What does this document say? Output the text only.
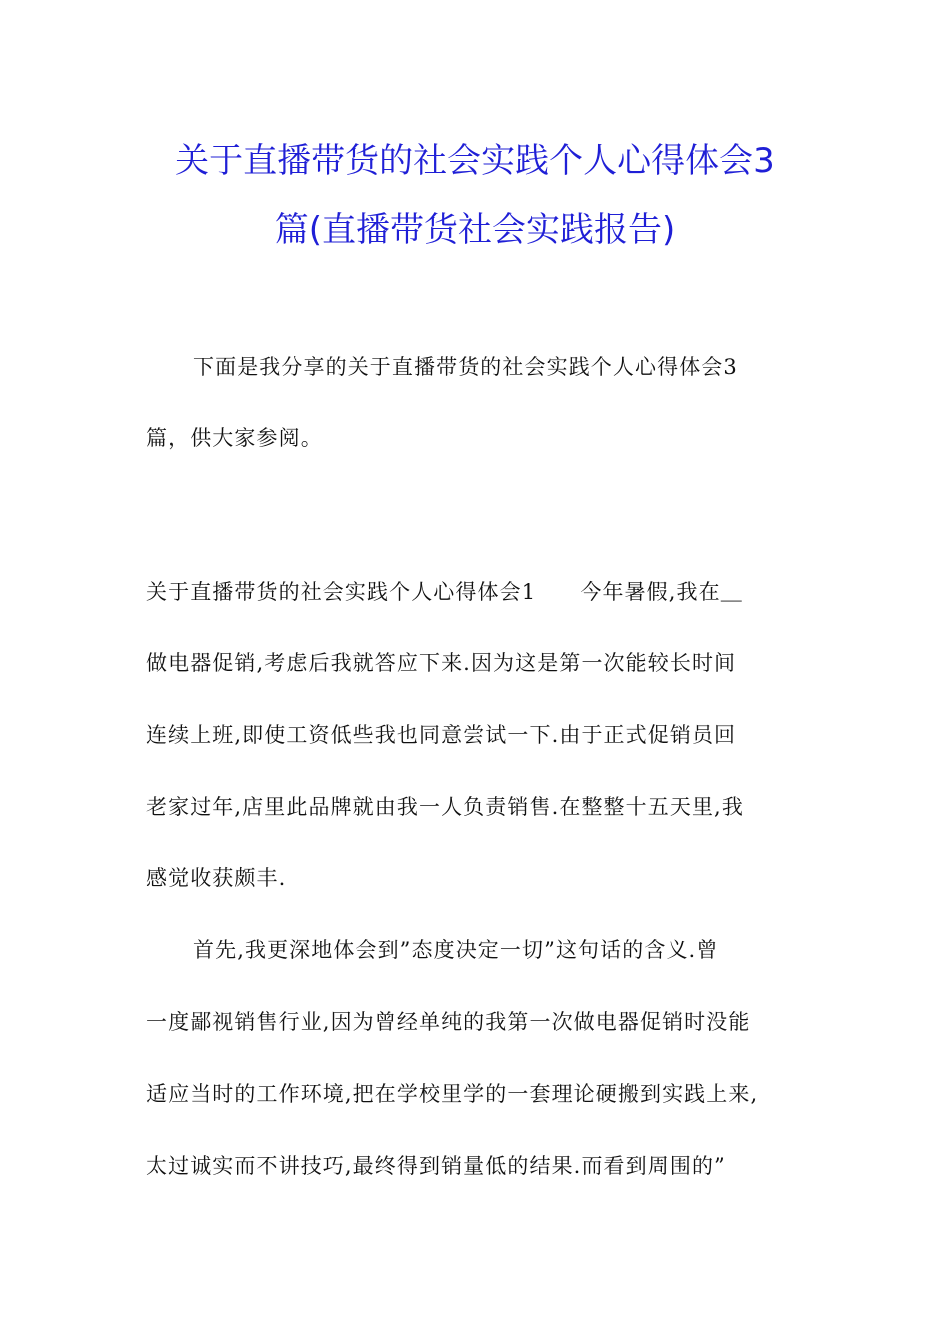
关于直播带货的社会实践个人心得体会3
篇(直播带货社会实践报告)
下面是我分享的关于直播带货的社会实践个人心得体会3
篇，供大家参阅。
关于直播带货的社会实践个人心得体会1　　今年暑假,我在＿
做电器促销,考虑后我就答应下来.因为这是第一次能较长时间
连续上班,即使工资低些我也同意尝试一下.由于正式促销员回
老家过年,店里此品牌就由我一人负责销售.在整整十五天里,我
感觉收获颇丰.
首先,我更深地体会到”态度决定一切”这句话的含义.曾
一度鄙视销售行业,因为曾经单纯的我第一次做电器促销时没能
适应当时的工作环境,把在学校里学的一套理论硬搬到实践上来,
太过诚实而不讲技巧,最终得到销量低的结果.而看到周围的”
